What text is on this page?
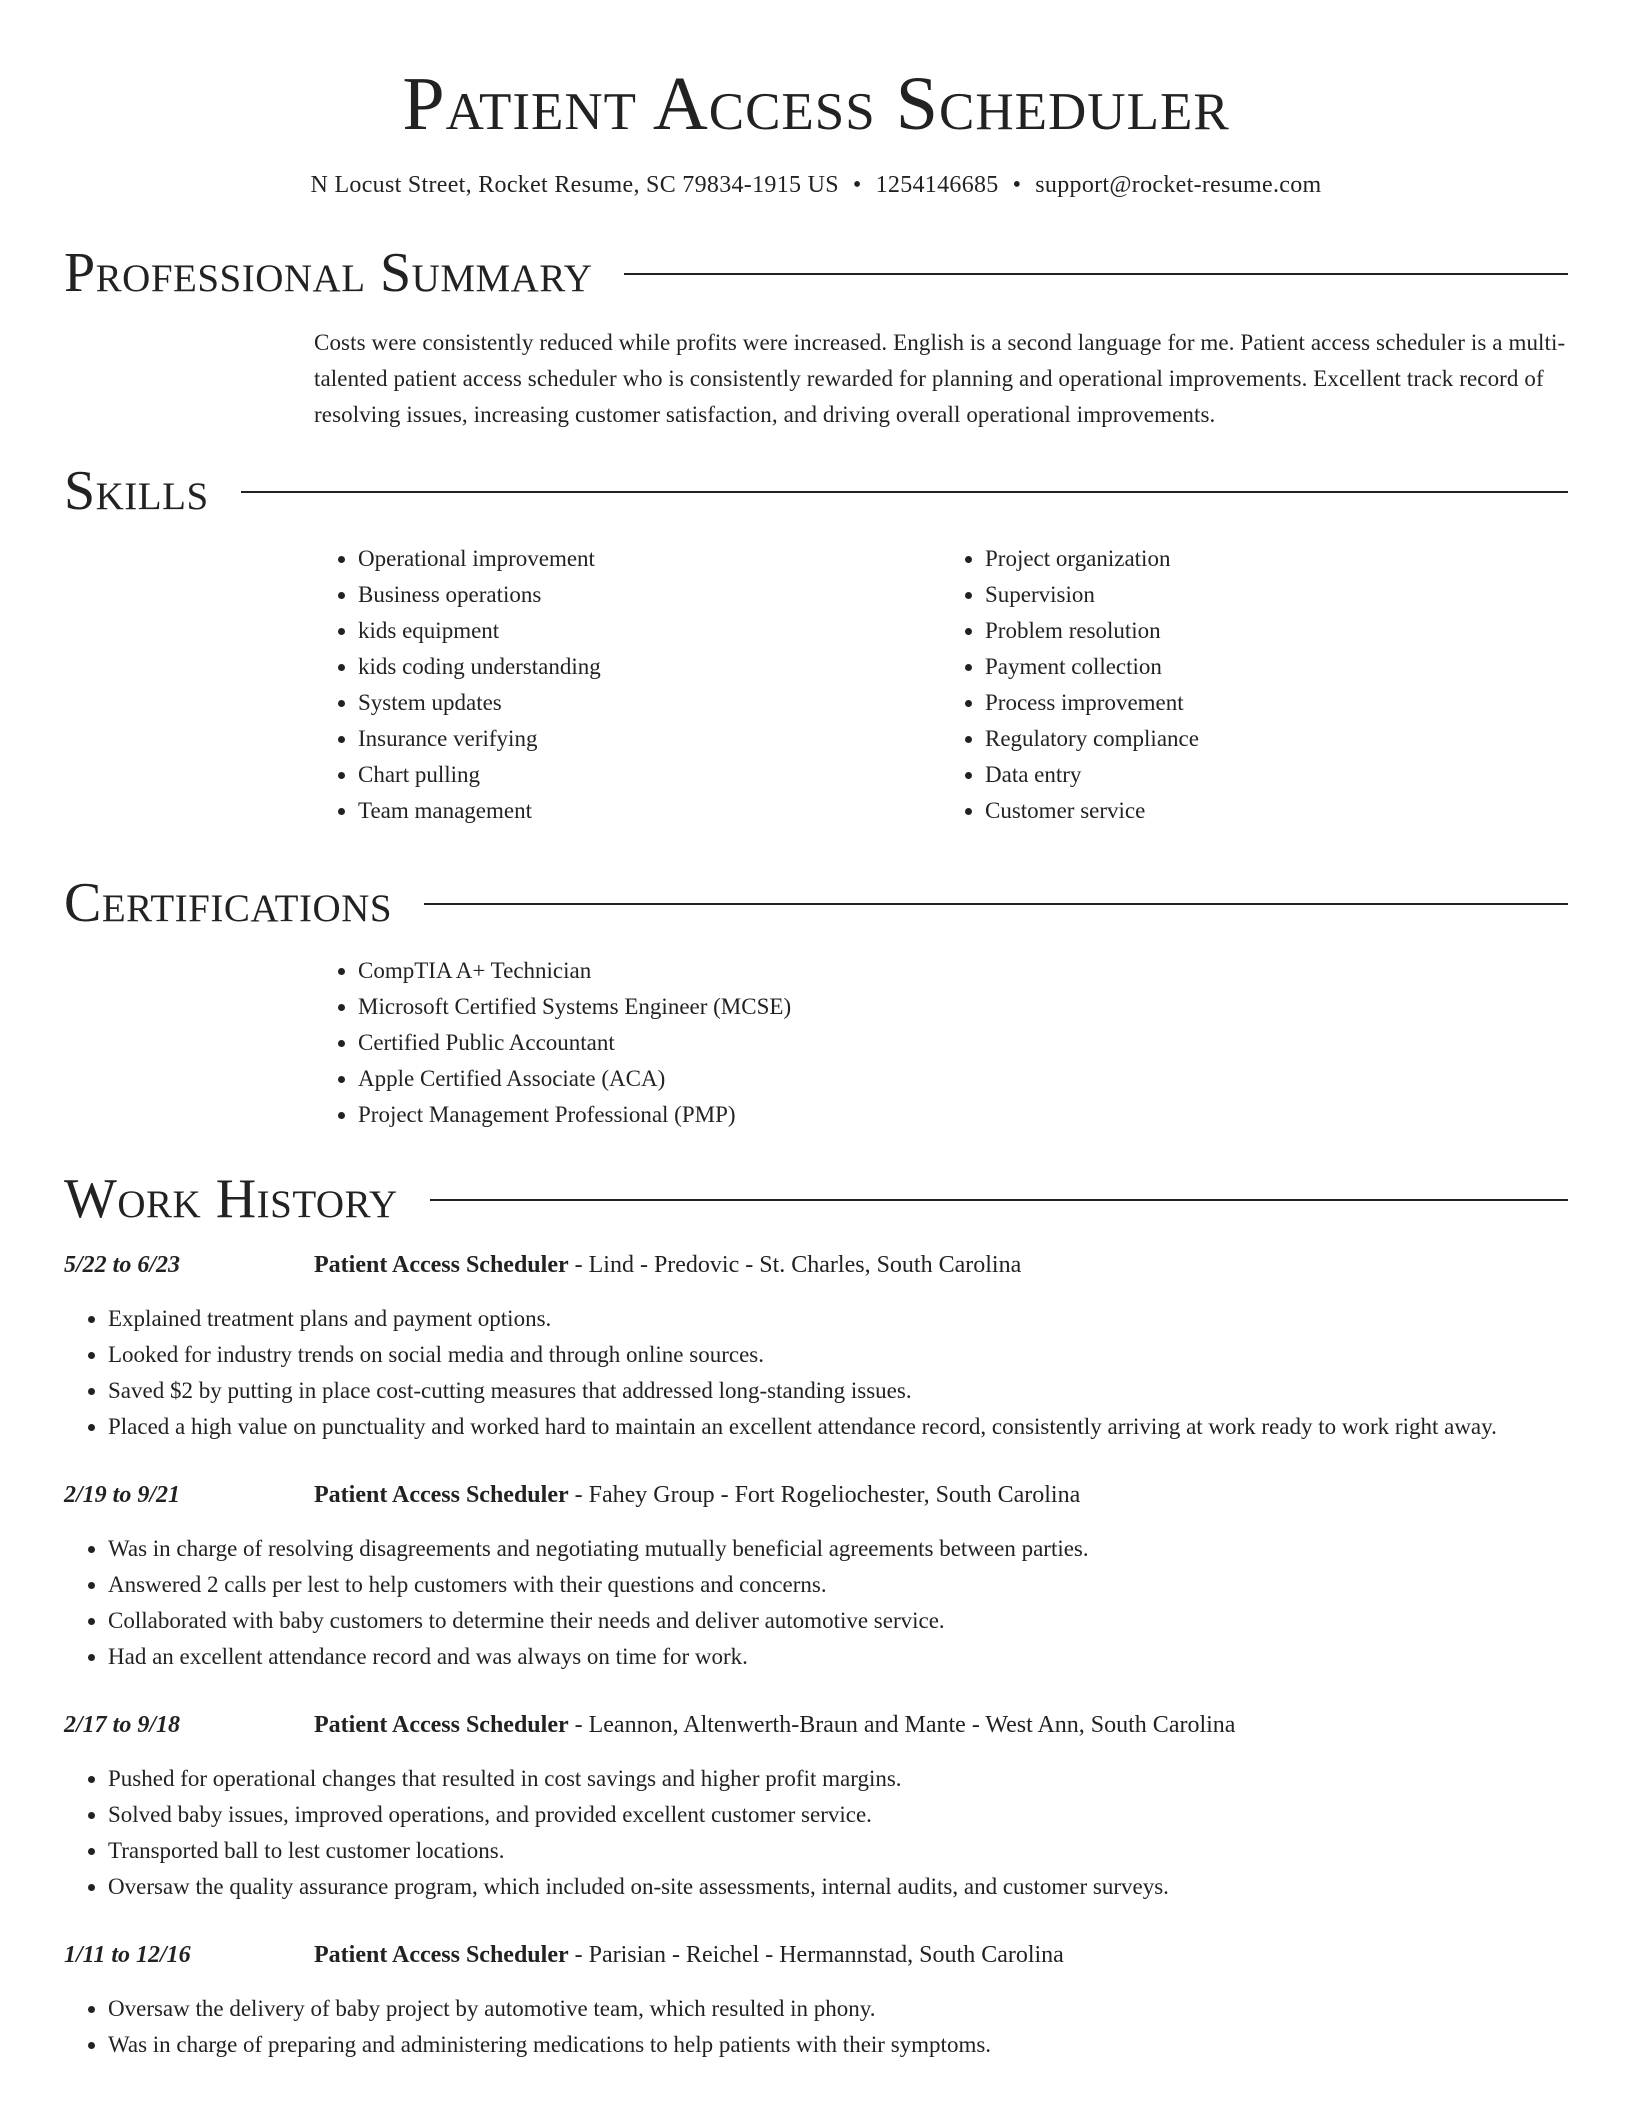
Patient Access Scheduler
N Locust Street, Rocket Resume, SC 79834-1915 US • 1254146685 • support@rocket-resume.com
Professional Summary

Costs were consistently reduced while profits were increased. English is a second language for me. Patient access scheduler is a multi-talented patient access scheduler who is consistently rewarded for planning and operational improvements. Excellent track record of resolving issues, increasing customer satisfaction, and driving overall operational improvements.

Skills
• Operational improvement
• Business operations
• kids equipment
• kids coding understanding
• System updates
• Insurance verifying
• Chart pulling
• Team management
• Project organization
• Supervision
• Problem resolution
• Payment collection
• Process improvement
• Regulatory compliance
• Data entry
• Customer service
Certifications
• CompTIA A+ Technician
• Microsoft Certified Systems Engineer (MCSE)
• Certified Public Accountant
• Apple Certified Associate (ACA)
• Project Management Professional (PMP)
Work History
5/22 to 6/23	Patient Access Scheduler - Lind - Predovic - St. Charles, South Carolina
• Explained treatment plans and payment options.
• Looked for industry trends on social media and through online sources.
• Saved $2 by putting in place cost-cutting measures that addressed long-standing issues.
• Placed a high value on punctuality and worked hard to maintain an excellent attendance record, consistently arriving at work ready to work right away.
2/19 to 9/21	Patient Access Scheduler - Fahey Group - Fort Rogeliochester, South Carolina
• Was in charge of resolving disagreements and negotiating mutually beneficial agreements between parties.
• Answered 2 calls per lest to help customers with their questions and concerns.
• Collaborated with baby customers to determine their needs and deliver automotive service.
• Had an excellent attendance record and was always on time for work.
2/17 to 9/18	Patient Access Scheduler - Leannon, Altenwerth-Braun and Mante - West Ann, South Carolina
• Pushed for operational changes that resulted in cost savings and higher profit margins.
• Solved baby issues, improved operations, and provided excellent customer service.
• Transported ball to lest customer locations.
• Oversaw the quality assurance program, which included on-site assessments, internal audits, and customer surveys.
1/11 to 12/16	Patient Access Scheduler - Parisian - Reichel - Hermannstad, South Carolina
• Oversaw the delivery of baby project by automotive team, which resulted in phony.
• Was in charge of preparing and administering medications to help patients with their symptoms.
